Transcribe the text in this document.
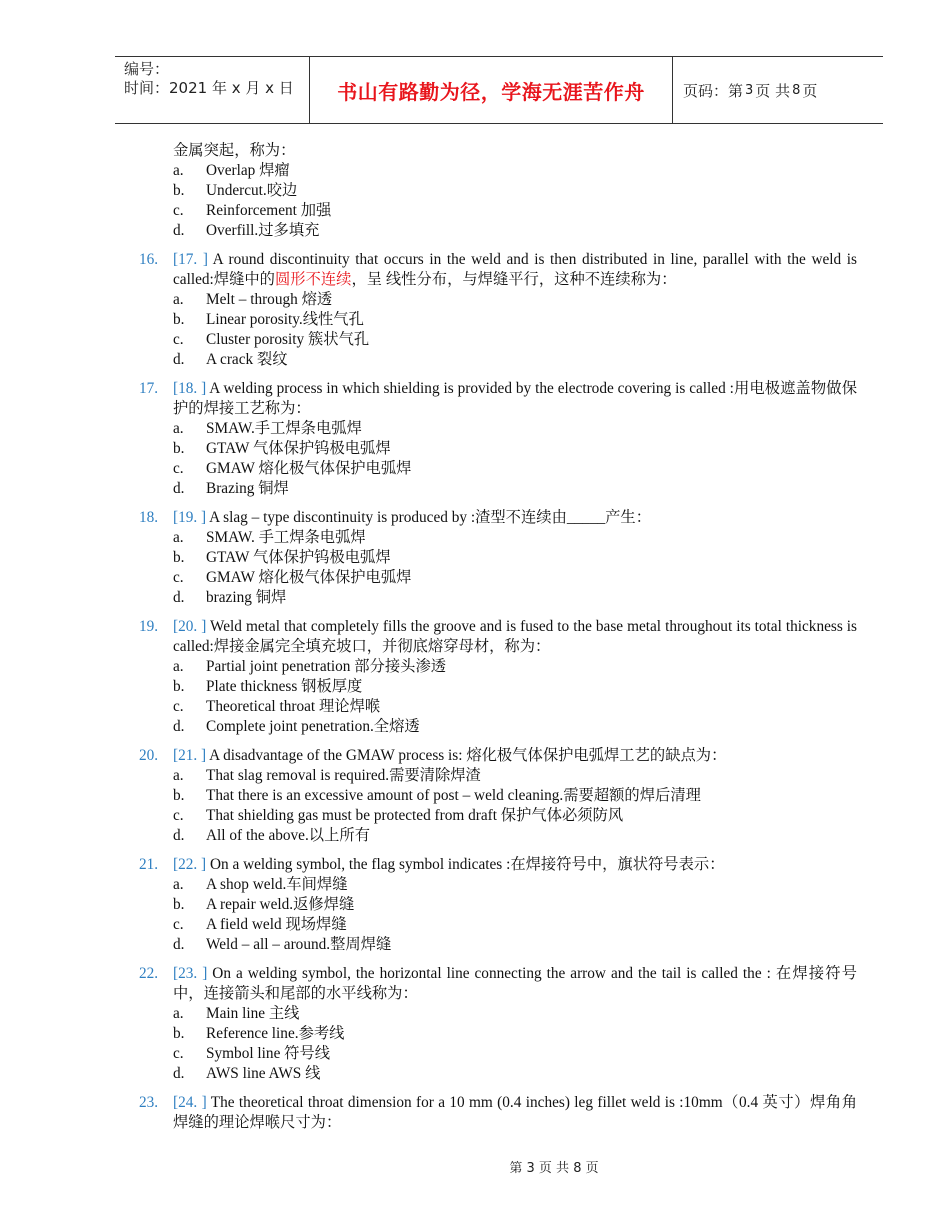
编号：
时间：2021 年 x 月 x 日	书山有路勤为径，学海无涯苦作舟	页码：第 3 页 共 8 页
金属突起，称为：
a.	Overlap 焊瘤
b.	Undercut.咬边
c.	Reinforcement 加强
d.	Overfill.过多填充
16. [17. ] A round discontinuity that occurs in the weld and is then distributed in line, parallel with the weld is called:焊缝中的圆形不连续，呈 线性分布，与焊缝平行，这种不连续称为：
a.	Melt – through 熔透
b.	Linear porosity.线性气孔
c.	Cluster porosity 簇状气孔
d.	A crack 裂纹
17. [18. ] A welding process in which shielding is provided by the electrode covering is called :用电极遮盖物做保护的焊接工艺称为：
a.	SMAW.手工焊条电弧焊
b.	GTAW 气体保护钨极电弧焊
c.	GMAW 熔化极气体保护电弧焊
d.	Brazing 铜焊
18. [19. ] A slag – type discontinuity is produced by :渣型不连续由_____产生：
a.	SMAW. 手工焊条电弧焊
b.	GTAW 气体保护钨极电弧焊
c.	GMAW 熔化极气体保护电弧焊
d.	brazing 铜焊
19. [20. ] Weld metal that completely fills the groove and is fused to the base metal throughout its total thickness is called:焊接金属完全填充坡口，并彻底熔穿母材，称为：
a.	Partial joint penetration 部分接头渗透
b.	Plate thickness 钢板厚度
c.	Theoretical throat 理论焊喉
d.	Complete joint penetration.全熔透
20. [21. ] A disadvantage of the GMAW process is: 熔化极气体保护电弧焊工艺的缺点为：
a.	That slag removal is required.需要清除焊渣
b.	That there is an excessive amount of post – weld cleaning.需要超额的焊后清理
c.	That shielding gas must be protected from draft 保护气体必须防风
d.	All of the above.以上所有
21. [22. ] On a welding symbol, the flag symbol indicates :在焊接符号中，旗状符号表示：
a.	A shop weld.车间焊缝
b.	A repair weld.返修焊缝
c.	A field weld 现场焊缝
d.	Weld – all – around.整周焊缝
22. [23. ] On a welding symbol, the horizontal line connecting the arrow and the tail is called the : 在焊接符号中，连接箭头和尾部的水平线称为：
a.	Main line 主线
b.	Reference line.参考线
c.	Symbol line 符号线
d.	AWS line AWS 线
23. [24. ] The theoretical throat dimension for a 10 mm (0.4 inches) leg fillet weld is :10mm（0.4 英寸）焊角角焊缝的理论焊喉尺寸为：
第 3 页 共 8 页
